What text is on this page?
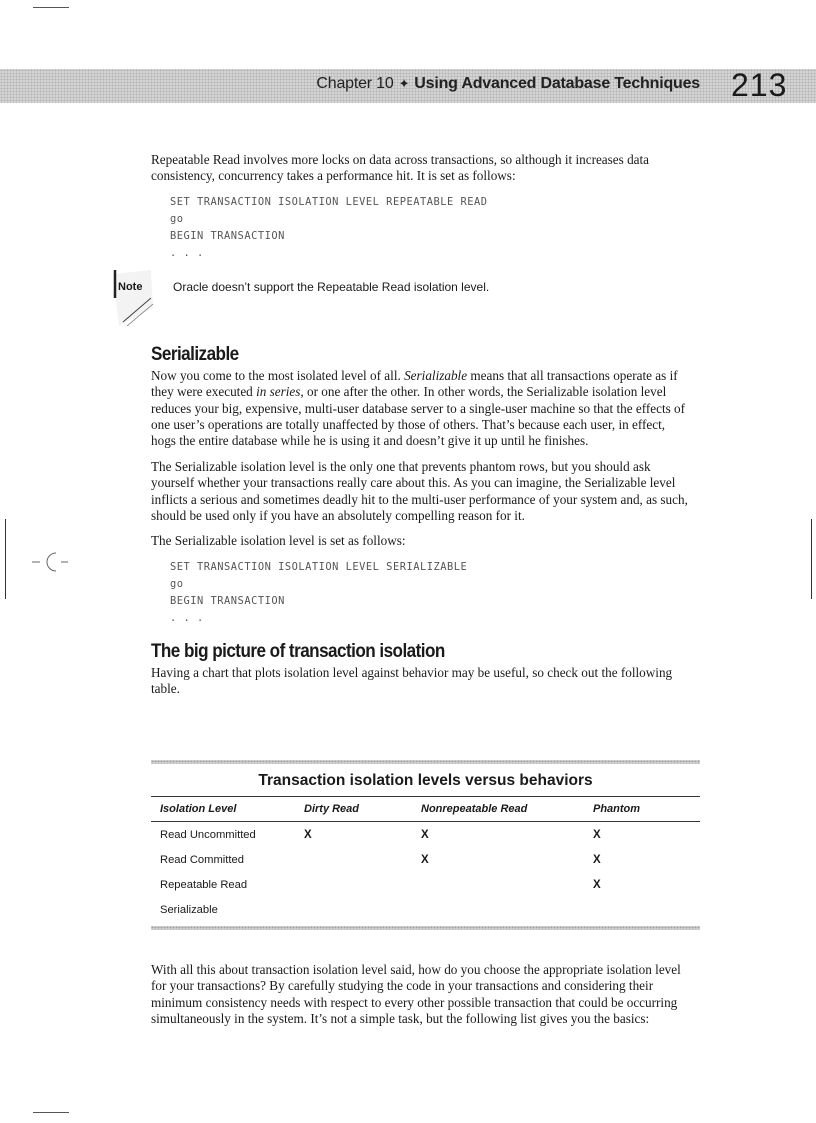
Chapter 10 ✦ Using Advanced Database Techniques 213

Repeatable Read involves more locks on data across transactions, so although it increases data consistency, concurrency takes a performance hit. It is set as follows:

SET TRANSACTION ISOLATION LEVEL REPEATABLE READ
go
BEGIN TRANSACTION
. . .
Note	Oracle doesn’t support the Repeatable Read isolation level.
Serializable

Now you come to the most isolated level of all. Serializable means that all transactions operate as if they were executed in series, or one after the other. In other words, the Serializable isolation level reduces your big, expensive, multi-user database server to a single-user machine so that the effects of one user’s operations are totally unaffected by those of others. That’s because each user, in effect, hogs the entire database while he is using it and doesn’t give it up until he finishes.

The Serializable isolation level is the only one that prevents phantom rows, but you should ask yourself whether your transactions really care about this. As you can imagine, the Serializable level inflicts a serious and sometimes deadly hit to the multi-user performance of your system and, as such, should be used only if you have an absolutely compelling reason for it.

The Serializable isolation level is set as follows:

SET TRANSACTION ISOLATION LEVEL SERIALIZABLE
go
BEGIN TRANSACTION
. . .
The big picture of transaction isolation

Having a chart that plots isolation level against behavior may be useful, so check out the following table.

Transaction isolation levels versus behaviors
Isolation Level	Dirty Read	Nonrepeatable Read	Phantom

Read Uncommitted	X	X	X
Read Committed		X	X
Repeatable Read			X
Serializable			

With all this about transaction isolation level said, how do you choose the appropriate isolation level for your transactions? By carefully studying the code in your transactions and considering their minimum consistency needs with respect to every other possible transaction that could be occurring simultaneously in the system. It’s not a simple task, but the following list gives you the basics:
